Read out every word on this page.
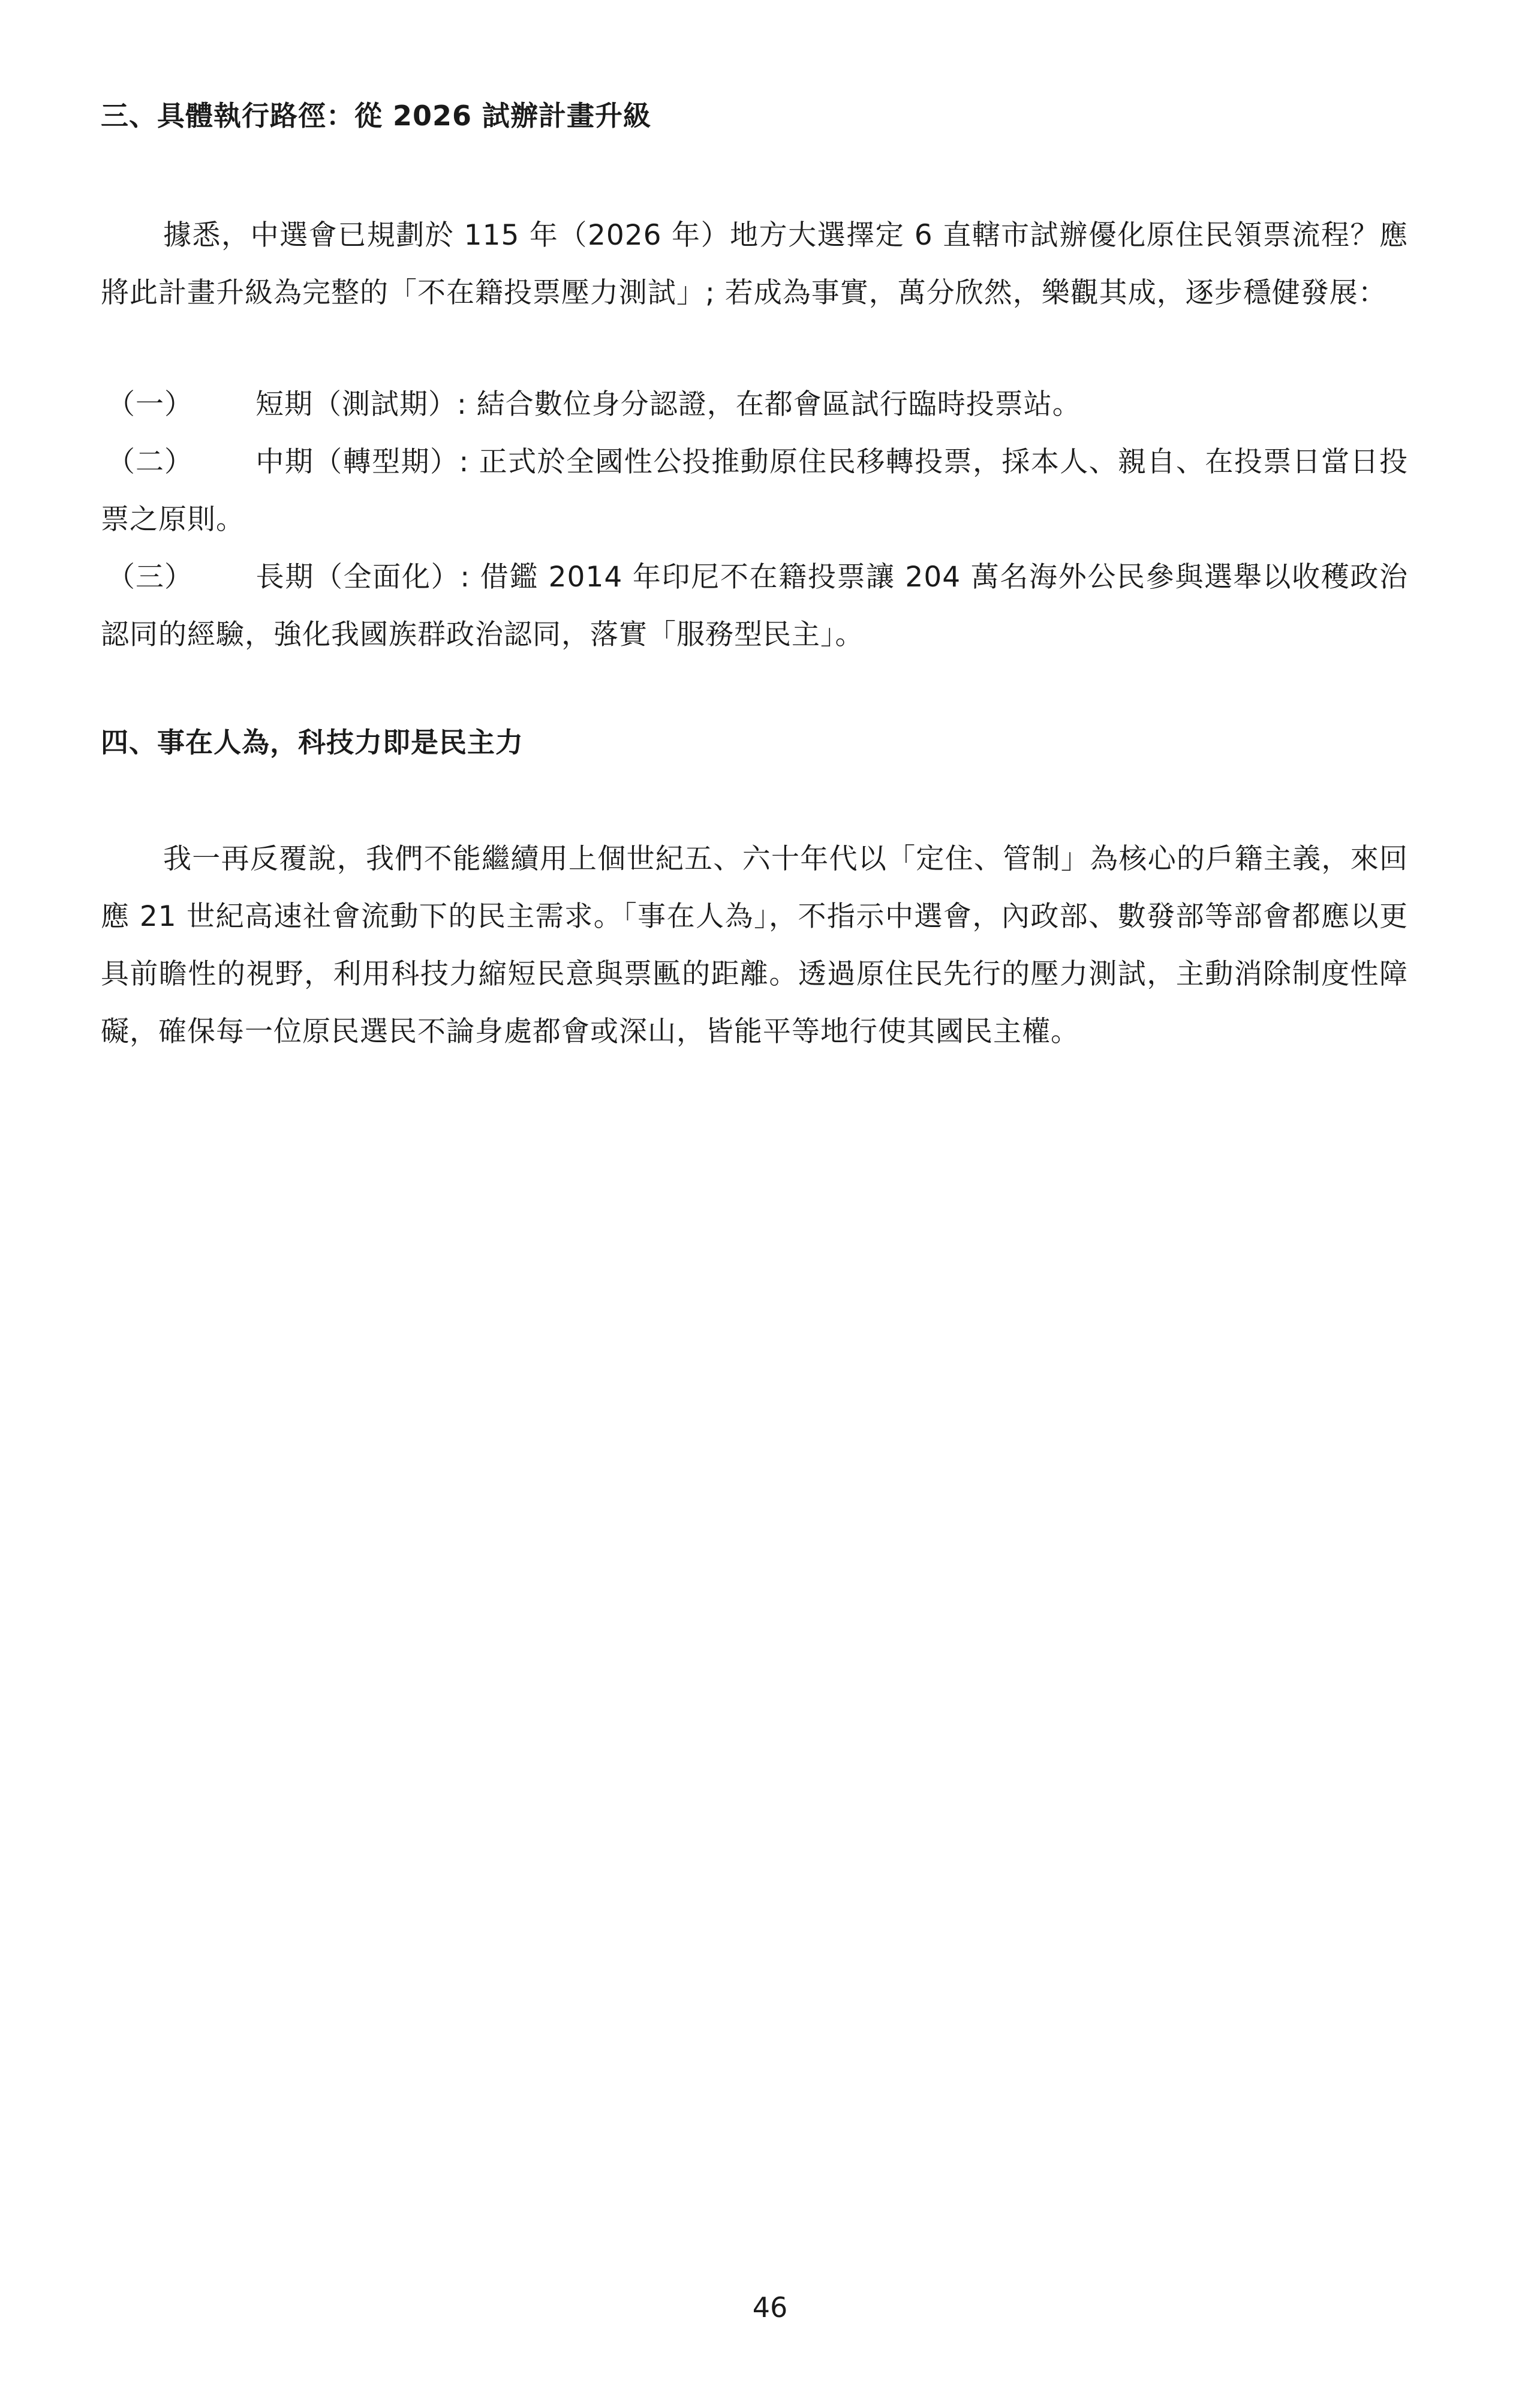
三、具體執行路徑：從 2026 試辦計畫升級
據悉，中選會已規劃於 115 年（2026 年）地方大選擇定 6 直轄市試辦優化原住民領票流程？應將此計畫升級為完整的「不在籍投票壓力測試」; 若成為事實，萬分欣然，樂觀其成，逐步穩健發展：

（一） 短期（測試期）: 結合數位身分認證，在都會區試行臨時投票站。

（二） 中期（轉型期）: 正式於全國性公投推動原住民移轉投票，採本人、親自、在投票日當日投票之原則。

（三） 長期（全面化）: 借鑑 2014 年印尼不在籍投票讓 204 萬名海外公民參與選舉以收穫政治認同的經驗，強化我國族群政治認同，落實「服務型民主」。

四、事在人為，科技力即是民主力
我一再反覆說，我們不能繼續用上個世紀五、六十年代以「定住、管制」為核心的戶籍主義，來回應 21 世紀高速社會流動下的民主需求。「事在人為」，不指示中選會，內政部、數發部等部會都應以更具前瞻性的視野，利用科技力縮短民意與票匭的距離。透過原住民先行的壓力測試，主動消除制度性障礙，確保每一位原民選民不論身處都會或深山，皆能平等地行使其國民主權。
46
